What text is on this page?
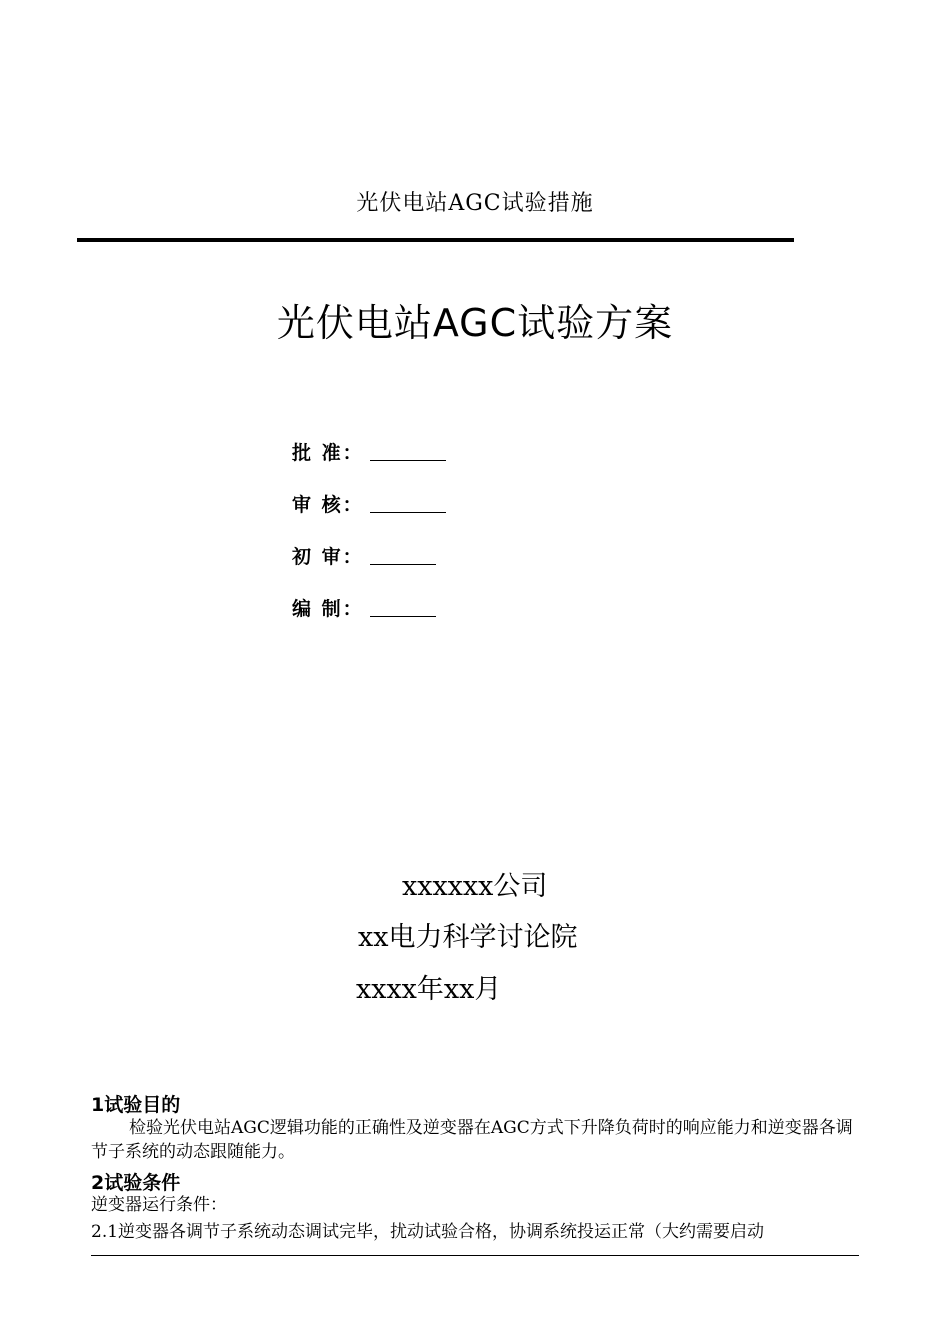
光伏电站AGC试验措施
光伏电站AGC试验方案
批 准：
审 核：
初 审：
编 制：
xxxxxx公司
xx电力科学讨论院
xxxx年xx月
1试验目的
检验光伏电站AGC逻辑功能的正确性及逆变器在AGC方式下升降负荷时的响应能力和逆变器各调节子系统的动态跟随能力。
2试验条件
逆变器运行条件：
2.1逆变器各调节子系统动态调试完毕，扰动试验合格，协调系统投运正常（大约需要启动
